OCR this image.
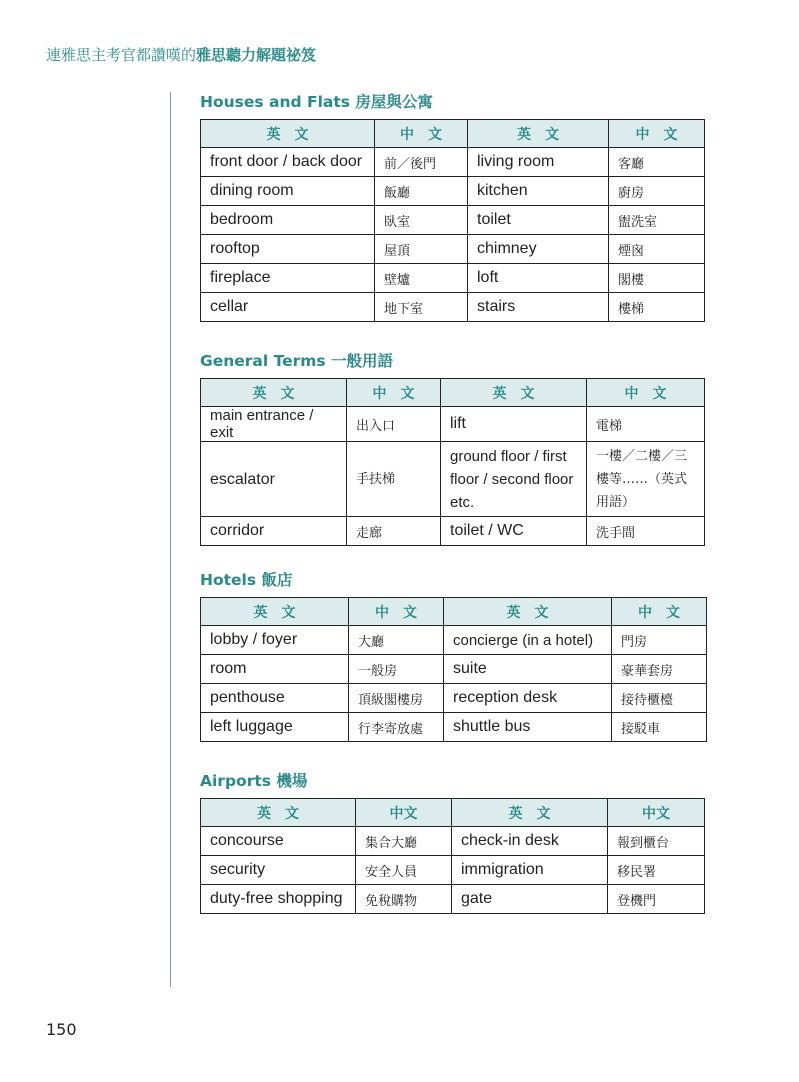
連雅思主考官都讚嘆的雅思聽力解題祕笈
Houses and Flats 房屋與公寓
英　文	中　文	英　文	中　文
front door / back door	前／後門	living room	客廳
dining room	飯廳	kitchen	廚房
bedroom	臥室	toilet	盥洗室
rooftop	屋頂	chimney	煙囪
fireplace	壁爐	loft	閣樓
cellar	地下室	stairs	樓梯
General Terms 一般用語
英　文	中　文	英　文	中　文
main entrance / exit	出入口	lift	電梯
escalator	手扶梯	ground floor / first floor / second floor etc.	一樓／二樓／三樓等……（英式用語）
corridor	走廊	toilet / WC	洗手間
Hotels 飯店
英　文	中　文	英　文	中　文
lobby / foyer	大廳	concierge (in a hotel)	門房
room	一般房	suite	豪華套房
penthouse	頂級閣樓房	reception desk	接待櫃檯
left luggage	行李寄放處	shuttle bus	接駁車
Airports 機場
英　文	中文	英　文	中文
concourse	集合大廳	check-in desk	報到櫃台
security	安全人員	immigration	移民署
duty-free shopping	免稅購物	gate	登機門
150
